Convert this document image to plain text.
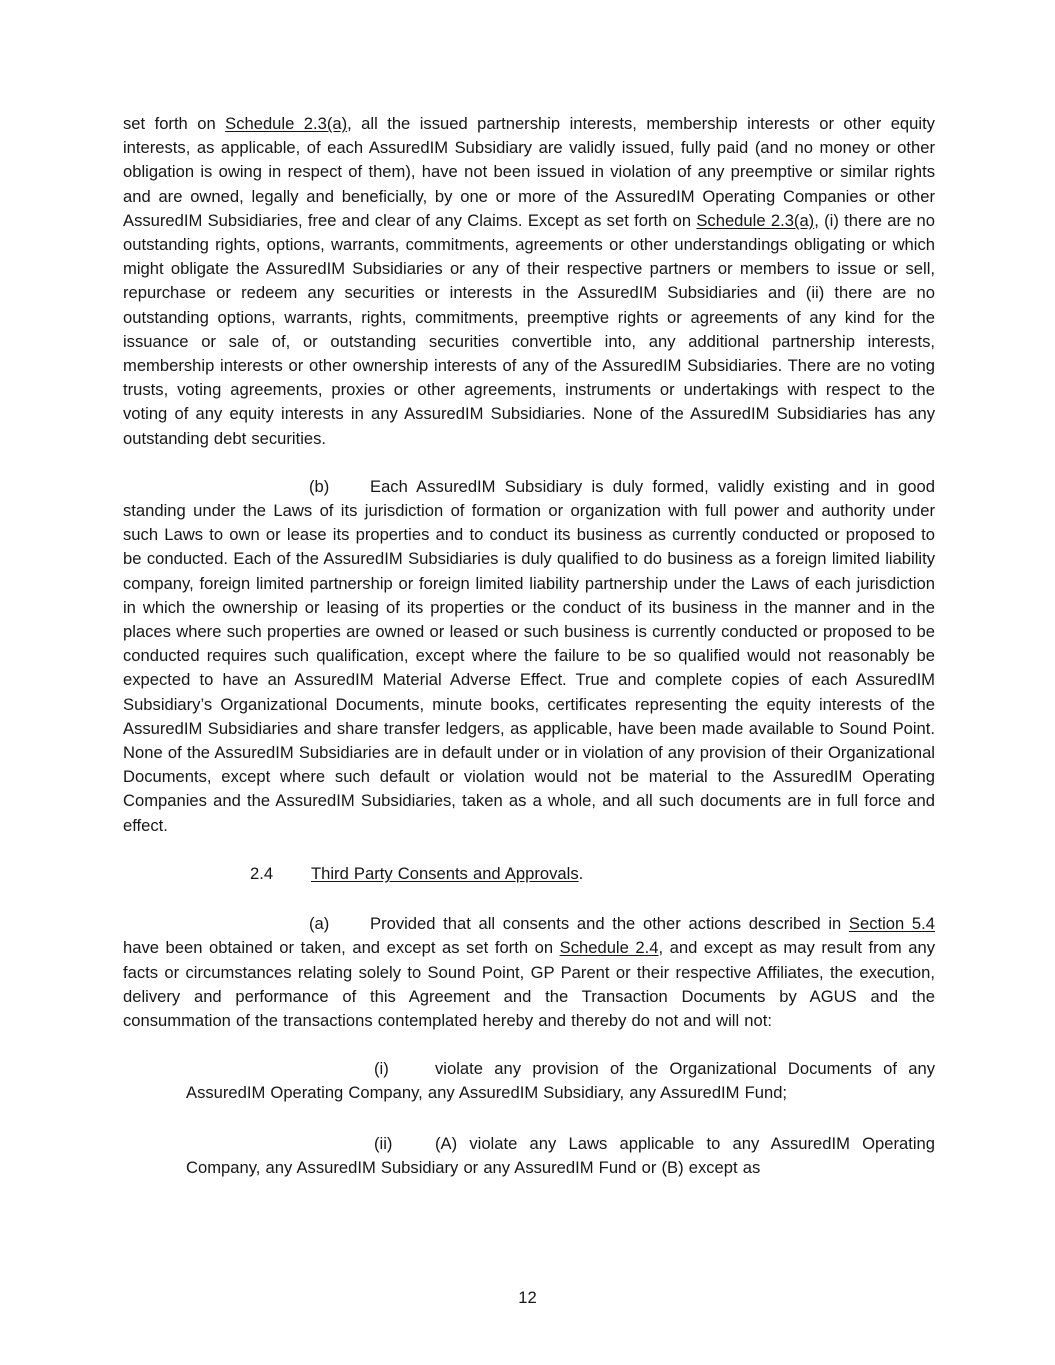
set forth on Schedule 2.3(a), all the issued partnership interests, membership interests or other equity interests, as applicable, of each AssuredIM Subsidiary are validly issued, fully paid (and no money or other obligation is owing in respect of them), have not been issued in violation of any preemptive or similar rights and are owned, legally and beneficially, by one or more of the AssuredIM Operating Companies or other AssuredIM Subsidiaries, free and clear of any Claims. Except as set forth on Schedule 2.3(a), (i) there are no outstanding rights, options, warrants, commitments, agreements or other understandings obligating or which might obligate the AssuredIM Subsidiaries or any of their respective partners or members to issue or sell, repurchase or redeem any securities or interests in the AssuredIM Subsidiaries and (ii) there are no outstanding options, warrants, rights, commitments, preemptive rights or agreements of any kind for the issuance or sale of, or outstanding securities convertible into, any additional partnership interests, membership interests or other ownership interests of any of the AssuredIM Subsidiaries. There are no voting trusts, voting agreements, proxies or other agreements, instruments or undertakings with respect to the voting of any equity interests in any AssuredIM Subsidiaries. None of the AssuredIM Subsidiaries has any outstanding debt securities.

(b) Each AssuredIM Subsidiary is duly formed, validly existing and in good standing under the Laws of its jurisdiction of formation or organization with full power and authority under such Laws to own or lease its properties and to conduct its business as currently conducted or proposed to be conducted. Each of the AssuredIM Subsidiaries is duly qualified to do business as a foreign limited liability company, foreign limited partnership or foreign limited liability partnership under the Laws of each jurisdiction in which the ownership or leasing of its properties or the conduct of its business in the manner and in the places where such properties are owned or leased or such business is currently conducted or proposed to be conducted requires such qualification, except where the failure to be so qualified would not reasonably be expected to have an AssuredIM Material Adverse Effect. True and complete copies of each AssuredIM Subsidiary’s Organizational Documents, minute books, certificates representing the equity interests of the AssuredIM Subsidiaries and share transfer ledgers, as applicable, have been made available to Sound Point. None of the AssuredIM Subsidiaries are in default under or in violation of any provision of their Organizational Documents, except where such default or violation would not be material to the AssuredIM Operating Companies and the AssuredIM Subsidiaries, taken as a whole, and all such documents are in full force and effect.

2.4 Third Party Consents and Approvals.

(a) Provided that all consents and the other actions described in Section 5.4 have been obtained or taken, and except as set forth on Schedule 2.4, and except as may result from any facts or circumstances relating solely to Sound Point, GP Parent or their respective Affiliates, the execution, delivery and performance of this Agreement and the Transaction Documents by AGUS and the consummation of the transactions contemplated hereby and thereby do not and will not:

(i)	violate any provision of the Organizational Documents of any AssuredIM Operating Company, any AssuredIM Subsidiary, any AssuredIM Fund;

(ii)	(A) violate any Laws applicable to any AssuredIM Operating Company, any AssuredIM Subsidiary or any AssuredIM Fund or (B) except as

12
